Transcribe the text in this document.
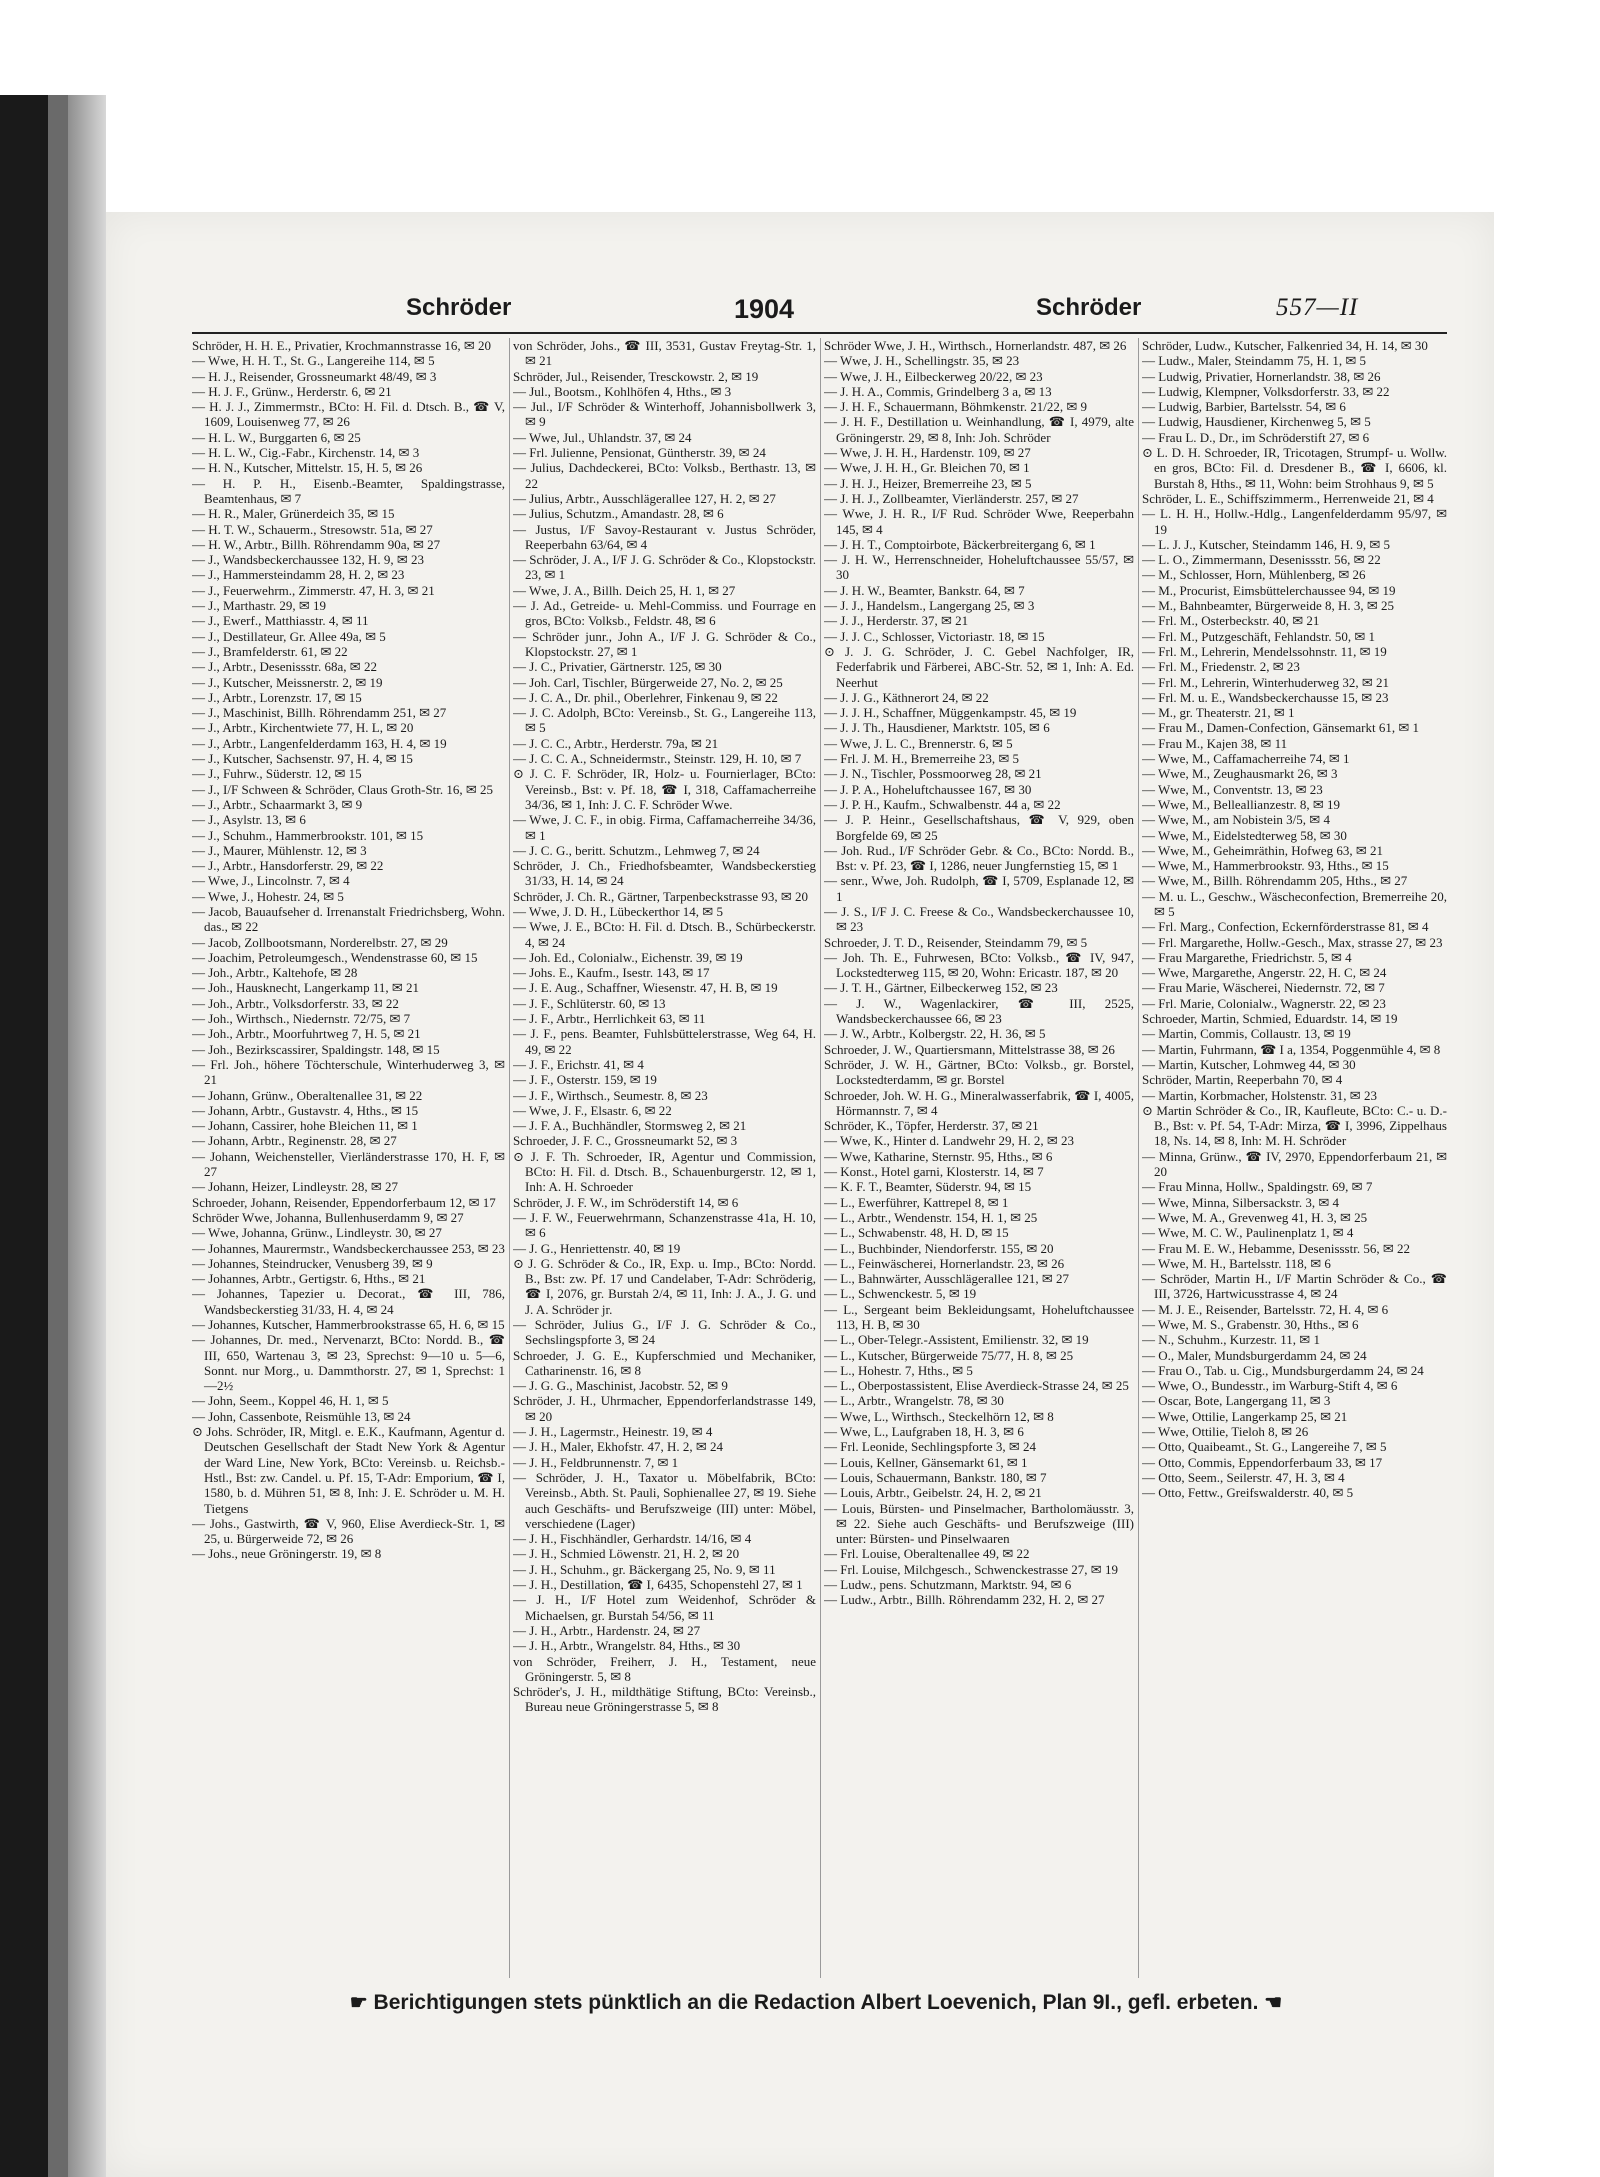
Schröder	1904	Schröder	557—II
Schröder, H. H. E., Privatier, Krochmannstrasse 16, ✉ 20
— Wwe, H. H. T., St. G., Langereihe 114, ✉ 5
— H. J., Reisender, Grossneumarkt 48/49, ✉ 3
— H. J. F., Grünw., Herderstr. 6, ✉ 21
— H. J. J., Zimmermstr., BCto: H. Fil. d. Dtsch. B., ☎ V, 1609, Louisenweg 77, ✉ 26
— H. L. W., Burggarten 6, ✉ 25
— H. L. W., Cig.-Fabr., Kirchenstr. 14, ✉ 3
— H. N., Kutscher, Mittelstr. 15, H. 5, ✉ 26
— H. P. H., Eisenb.-Beamter, Spaldingstrasse, Beamtenhaus, ✉ 7
— H. R., Maler, Grünerdeich 35, ✉ 15
— H. T. W., Schauerm., Stresowstr. 51a, ✉ 27
— H. W., Arbtr., Billh. Röhrendamm 90a, ✉ 27
— J., Wandsbeckerchaussee 132, H. 9, ✉ 23
— J., Hammersteindamm 28, H. 2, ✉ 23
— J., Feuerwehrm., Zimmerstr. 47, H. 3, ✉ 21
— J., Marthastr. 29, ✉ 19
— J., Ewerf., Matthiasstr. 4, ✉ 11
— J., Destillateur, Gr. Allee 49a, ✉ 5
— J., Bramfelderstr. 61, ✉ 22
— J., Arbtr., Desenissstr. 68a, ✉ 22
— J., Kutscher, Meissnerstr. 2, ✉ 19
— J., Arbtr., Lorenzstr. 17, ✉ 15
— J., Maschinist, Billh. Röhrendamm 251, ✉ 27
— J., Arbtr., Kirchentwiete 77, H. L, ✉ 20
— J., Arbtr., Langenfelderdamm 163, H. 4, ✉ 19
— J., Kutscher, Sachsenstr. 97, H. 4, ✉ 15
— J., Fuhrw., Süderstr. 12, ✉ 15
— J., I/F Schween & Schröder, Claus Groth-Str. 16, ✉ 25
— J., Arbtr., Schaarmarkt 3, ✉ 9
— J., Asylstr. 13, ✉ 6
— J., Schuhm., Hammerbrookstr. 101, ✉ 15
— J., Maurer, Mühlenstr. 12, ✉ 3
— J., Arbtr., Hansdorferstr. 29, ✉ 22
— Wwe, J., Lincolnstr. 7, ✉ 4
— Wwe, J., Hohestr. 24, ✉ 5
— Jacob, Bauaufseher d. Irrenanstalt Friedrichsberg, Wohn. das., ✉ 22
— Jacob, Zollbootsmann, Norderelbstr. 27, ✉ 29
— Joachim, Petroleumgesch., Wendenstrasse 60, ✉ 15
— Joh., Arbtr., Kaltehofe, ✉ 28
— Joh., Hausknecht, Langerkamp 11, ✉ 21
— Joh., Arbtr., Volksdorferstr. 33, ✉ 22
— Joh., Wirthsch., Niedernstr. 72/75, ✉ 7
— Joh., Arbtr., Moorfuhrtweg 7, H. 5, ✉ 21
— Joh., Bezirkscassirer, Spaldingstr. 148, ✉ 15
— Frl. Joh., höhere Töchterschule, Winterhuderweg 3, ✉ 21
— Johann, Grünw., Oberaltenallee 31, ✉ 22
— Johann, Arbtr., Gustavstr. 4, Hths., ✉ 15
— Johann, Cassirer, hohe Bleichen 11, ✉ 1
— Johann, Arbtr., Reginenstr. 28, ✉ 27
— Johann, Weichensteller, Vierländerstrasse 170, H. F, ✉ 27
— Johann, Heizer, Lindleystr. 28, ✉ 27
Schroeder, Johann, Reisender, Eppendorferbaum 12, ✉ 17
Schröder Wwe, Johanna, Bullenhuserdamm 9, ✉ 27
— Wwe, Johanna, Grünw., Lindleystr. 30, ✉ 27
— Johannes, Maurermstr., Wandsbeckerchaussee 253, ✉ 23
— Johannes, Steindrucker, Venusberg 39, ✉ 9
— Johannes, Arbtr., Gertigstr. 6, Hths., ✉ 21
— Johannes, Tapezier u. Decorat., ☎ III, 786, Wandsbeckerstieg 31/33, H. 4, ✉ 24
— Johannes, Kutscher, Hammerbrookstrasse 65, H. 6, ✉ 15
— Johannes, Dr. med., Nervenarzt, BCto: Nordd. B., ☎ III, 650, Wartenau 3, ✉ 23, Sprechst: 9—10 u. 5—6, Sonnt. nur Morg., u. Dammthorstr. 27, ✉ 1, Sprechst: 1—2½
— John, Seem., Koppel 46, H. 1, ✉ 5
— John, Cassenbote, Reismühle 13, ✉ 24
⊙ Johs. Schröder, IR, Mitgl. e. E.K., Kaufmann, Agentur d. Deutschen Gesellschaft der Stadt New York & Agentur der Ward Line, New York, BCto: Vereinsb. u. Reichsb.-Hstl., Bst: zw. Candel. u. Pf. 15, T-Adr: Emporium, ☎ I, 1580, b. d. Mühren 51, ✉ 8, Inh: J. E. Schröder u. M. H. Tietgens
— Johs., Gastwirth, ☎ V, 960, Elise Averdieck-Str. 1, ✉ 25, u. Bürgerweide 72, ✉ 26
— Johs., neue Gröningerstr. 19, ✉ 8
von Schröder, Johs., ☎ III, 3531, Gustav Freytag-Str. 1, ✉ 21
Schröder, Jul., Reisender, Tresckowstr. 2, ✉ 19
— Jul., Bootsm., Kohlhöfen 4, Hths., ✉ 3
— Jul., I/F Schröder & Winterhoff, Johannisbollwerk 3, ✉ 9
— Wwe, Jul., Uhlandstr. 37, ✉ 24
— Frl. Julienne, Pensionat, Güntherstr. 39, ✉ 24
— Julius, Dachdeckerei, BCto: Volksb., Berthastr. 13, ✉ 22
— Julius, Arbtr., Ausschlägerallee 127, H. 2, ✉ 27
— Julius, Schutzm., Amandastr. 28, ✉ 6
— Justus, I/F Savoy-Restaurant v. Justus Schröder, Reeperbahn 63/64, ✉ 4
— Schröder, J. A., I/F J. G. Schröder & Co., Klopstockstr. 23, ✉ 1
— Wwe, J. A., Billh. Deich 25, H. 1, ✉ 27
— J. Ad., Getreide- u. Mehl-Commiss. und Fourrage en gros, BCto: Volksb., Feldstr. 48, ✉ 6
— Schröder junr., John A., I/F J. G. Schröder & Co., Klopstockstr. 27, ✉ 1
— J. C., Privatier, Gärtnerstr. 125, ✉ 30
— Joh. Carl, Tischler, Bürgerweide 27, No. 2, ✉ 25
— J. C. A., Dr. phil., Oberlehrer, Finkenau 9, ✉ 22
— J. C. Adolph, BCto: Vereinsb., St. G., Langereihe 113, ✉ 5
— J. C. C., Arbtr., Herderstr. 79a, ✉ 21
— J. C. C. A., Schneidermstr., Steinstr. 129, H. 10, ✉ 7
⊙ J. C. F. Schröder, IR, Holz- u. Fournierlager, BCto: Vereinsb., Bst: v. Pf. 18, ☎ I, 318, Caffamacherreihe 34/36, ✉ 1, Inh: J. C. F. Schröder Wwe.
— Wwe, J. C. F., in obig. Firma, Caffamacherreihe 34/36, ✉ 1
— J. C. G., beritt. Schutzm., Lehmweg 7, ✉ 24
Schröder, J. Ch., Friedhofsbeamter, Wandsbeckerstieg 31/33, H. 14, ✉ 24
Schröder, J. Ch. R., Gärtner, Tarpenbeckstrasse 93, ✉ 20
— Wwe, J. D. H., Lübeckerthor 14, ✉ 5
— Wwe, J. E., BCto: H. Fil. d. Dtsch. B., Schürbeckerstr. 4, ✉ 24
— Joh. Ed., Colonialw., Eichenstr. 39, ✉ 19
— Johs. E., Kaufm., Isestr. 143, ✉ 17
— J. E. Aug., Schaffner, Wiesenstr. 47, H. B, ✉ 19
— J. F., Schlüterstr. 60, ✉ 13
— J. F., Arbtr., Herrlichkeit 63, ✉ 11
— J. F., pens. Beamter, Fuhlsbüttelerstrasse, Weg 64, H. 49, ✉ 22
— J. F., Erichstr. 41, ✉ 4
— J. F., Osterstr. 159, ✉ 19
— J. F., Wirthsch., Seumestr. 8, ✉ 23
— Wwe, J. F., Elsastr. 6, ✉ 22
— J. F. A., Buchhändler, Stormsweg 2, ✉ 21
Schroeder, J. F. C., Grossneumarkt 52, ✉ 3
⊙ J. F. Th. Schroeder, IR, Agentur und Commission, BCto: H. Fil. d. Dtsch. B., Schauenburgerstr. 12, ✉ 1, Inh: A. H. Schroeder
Schröder, J. F. W., im Schröderstift 14, ✉ 6
— J. F. W., Feuerwehrmann, Schanzenstrasse 41a, H. 10, ✉ 6
— J. G., Henriettenstr. 40, ✉ 19
⊙ J. G. Schröder & Co., IR, Exp. u. Imp., BCto: Nordd. B., Bst: zw. Pf. 17 und Candelaber, T-Adr: Schröderig, ☎ I, 2076, gr. Burstah 2/4, ✉ 11, Inh: J. A., J. G. und J. A. Schröder jr.
— Schröder, Julius G., I/F J. G. Schröder & Co., Sechslingspforte 3, ✉ 24
Schroeder, J. G. E., Kupferschmied und Mechaniker, Catharinenstr. 16, ✉ 8
— J. G. G., Maschinist, Jacobstr. 52, ✉ 9
Schröder, J. H., Uhrmacher, Eppendorferlandstrasse 149, ✉ 20
— J. H., Lagermstr., Heinestr. 19, ✉ 4
— J. H., Maler, Ekhofstr. 47, H. 2, ✉ 24
— J. H., Feldbrunnenstr. 7, ✉ 1
— Schröder, J. H., Taxator u. Möbelfabrik, BCto: Vereinsb., Abth. St. Pauli, Sophienallee 27, ✉ 19. Siehe auch Geschäfts- und Berufszweige (III) unter: Möbel, verschiedene (Lager)
— J. H., Fischhändler, Gerhardstr. 14/16, ✉ 4
— J. H., Schmied Löwenstr. 21, H. 2, ✉ 20
— J. H., Schuhm., gr. Bäckergang 25, No. 9, ✉ 11
— J. H., Destillation, ☎ I, 6435, Schopenstehl 27, ✉ 1
— J. H., I/F Hotel zum Weidenhof, Schröder & Michaelsen, gr. Burstah 54/56, ✉ 11
— J. H., Arbtr., Hardenstr. 24, ✉ 27
— J. H., Arbtr., Wrangelstr. 84, Hths., ✉ 30
von Schröder, Freiherr, J. H., Testament, neue Gröningerstr. 5, ✉ 8
Schröder's, J. H., mildthätige Stiftung, BCto: Vereinsb., Bureau neue Gröningerstrasse 5, ✉ 8
Schröder Wwe, J. H., Wirthsch., Hornerlandstr. 487, ✉ 26
— Wwe, J. H., Schellingstr. 35, ✉ 23
— Wwe, J. H., Eilbeckerweg 20/22, ✉ 23
— J. H. A., Commis, Grindelberg 3 a, ✉ 13
— J. H. F., Schauermann, Böhmkenstr. 21/22, ✉ 9
— J. H. F., Destillation u. Weinhandlung, ☎ I, 4979, alte Gröningerstr. 29, ✉ 8, Inh: Joh. Schröder
— Wwe, J. H. H., Hardenstr. 109, ✉ 27
— Wwe, J. H. H., Gr. Bleichen 70, ✉ 1
— J. H. J., Heizer, Bremerreihe 23, ✉ 5
— J. H. J., Zollbeamter, Vierländerstr. 257, ✉ 27
— Wwe, J. H. R., I/F Rud. Schröder Wwe, Reeperbahn 145, ✉ 4
— J. H. T., Comptoirbote, Bäckerbreitergang 6, ✉ 1
— J. H. W., Herrenschneider, Hoheluftchaussee 55/57, ✉ 30
— J. H. W., Beamter, Bankstr. 64, ✉ 7
— J. J., Handelsm., Langergang 25, ✉ 3
— J. J., Herderstr. 37, ✉ 21
— J. J. C., Schlosser, Victoriastr. 18, ✉ 15
⊙ J. J. G. Schröder, J. C. Gebel Nachfolger, IR, Federfabrik und Färberei, ABC-Str. 52, ✉ 1, Inh: A. Ed. Neerhut
— J. J. G., Käthnerort 24, ✉ 22
— J. J. H., Schaffner, Müggenkampstr. 45, ✉ 19
— J. J. Th., Hausdiener, Marktstr. 105, ✉ 6
— Wwe, J. L. C., Brennerstr. 6, ✉ 5
— Frl. J. M. H., Bremerreihe 23, ✉ 5
— J. N., Tischler, Possmoorweg 28, ✉ 21
— J. P. A., Hoheluftchaussee 167, ✉ 30
— J. P. H., Kaufm., Schwalbenstr. 44 a, ✉ 22
— J. P. Heinr., Gesellschaftshaus, ☎ V, 929, oben Borgfelde 69, ✉ 25
— Joh. Rud., I/F Schröder Gebr. & Co., BCto: Nordd. B., Bst: v. Pf. 23, ☎ I, 1286, neuer Jungfernstieg 15, ✉ 1
— senr., Wwe, Joh. Rudolph, ☎ I, 5709, Esplanade 12, ✉ 1
— J. S., I/F J. C. Freese & Co., Wandsbeckerchaussee 10, ✉ 23
Schroeder, J. T. D., Reisender, Steindamm 79, ✉ 5
— Joh. Th. E., Fuhrwesen, BCto: Volksb., ☎ IV, 947, Lockstedterweg 115, ✉ 20, Wohn: Ericastr. 187, ✉ 20
— J. T. H., Gärtner, Eilbeckerweg 152, ✉ 23
— J. W., Wagenlackirer, ☎ III, 2525, Wandsbeckerchaussee 66, ✉ 23
— J. W., Arbtr., Kolbergstr. 22, H. 36, ✉ 5
Schroeder, J. W., Quartiersmann, Mittelstrasse 38, ✉ 26
Schröder, J. W. H., Gärtner, BCto: Volksb., gr. Borstel, Lockstedterdamm, ✉ gr. Borstel
Schroeder, Joh. W. H. G., Mineralwasserfabrik, ☎ I, 4005, Hörmannstr. 7, ✉ 4
Schröder, K., Töpfer, Herderstr. 37, ✉ 21
— Wwe, K., Hinter d. Landwehr 29, H. 2, ✉ 23
— Wwe, Katharine, Sternstr. 95, Hths., ✉ 6
— Konst., Hotel garni, Klosterstr. 14, ✉ 7
— K. F. T., Beamter, Süderstr. 94, ✉ 15
— L., Ewerführer, Kattrepel 8, ✉ 1
— L., Arbtr., Wendenstr. 154, H. 1, ✉ 25
— L., Schwabenstr. 48, H. D, ✉ 15
— L., Buchbinder, Niendorferstr. 155, ✉ 20
— L., Feinwäscherei, Hornerlandstr. 23, ✉ 26
— L., Bahnwärter, Ausschlägerallee 121, ✉ 27
— L., Schwenckestr. 5, ✉ 19
— L., Sergeant beim Bekleidungsamt, Hoheluftchaussee 113, H. B, ✉ 30
— L., Ober-Telegr.-Assistent, Emilienstr. 32, ✉ 19
— L., Kutscher, Bürgerweide 75/77, H. 8, ✉ 25
— L., Hohestr. 7, Hths., ✉ 5
— L., Oberpostassistent, Elise Averdieck-Strasse 24, ✉ 25
— L., Arbtr., Wrangelstr. 78, ✉ 30
— Wwe, L., Wirthsch., Steckelhörn 12, ✉ 8
— Wwe, L., Laufgraben 18, H. 3, ✉ 6
— Frl. Leonide, Sechlingspforte 3, ✉ 24
— Louis, Kellner, Gänsemarkt 61, ✉ 1
— Louis, Schauermann, Bankstr. 180, ✉ 7
— Louis, Arbtr., Geibelstr. 24, H. 2, ✉ 21
— Louis, Bürsten- und Pinselmacher, Bartholomäusstr. 3, ✉ 22. Siehe auch Geschäfts- und Berufszweige (III) unter: Bürsten- und Pinselwaaren
— Frl. Louise, Oberaltenallee 49, ✉ 22
— Frl. Louise, Milchgesch., Schwenckestrasse 27, ✉ 19
— Ludw., pens. Schutzmann, Marktstr. 94, ✉ 6
— Ludw., Arbtr., Billh. Röhrendamm 232, H. 2, ✉ 27
Schröder, Ludw., Kutscher, Falkenried 34, H. 14, ✉ 30
— Ludw., Maler, Steindamm 75, H. 1, ✉ 5
— Ludwig, Privatier, Hornerlandstr. 38, ✉ 26
— Ludwig, Klempner, Volksdorferstr. 33, ✉ 22
— Ludwig, Barbier, Bartelsstr. 54, ✉ 6
— Ludwig, Hausdiener, Kirchenweg 5, ✉ 5
— Frau L. D., Dr., im Schröderstift 27, ✉ 6
⊙ L. D. H. Schroeder, IR, Tricotagen, Strumpf- u. Wollw. en gros, BCto: Fil. d. Dresdener B., ☎ I, 6606, kl. Burstah 8, Hths., ✉ 11, Wohn: beim Strohhaus 9, ✉ 5
Schröder, L. E., Schiffszimmerm., Herrenweide 21, ✉ 4
— L. H. H., Hollw.-Hdlg., Langenfelderdamm 95/97, ✉ 19
— L. J. J., Kutscher, Steindamm 146, H. 9, ✉ 5
— L. O., Zimmermann, Desenissstr. 56, ✉ 22
— M., Schlosser, Horn, Mühlenberg, ✉ 26
— M., Procurist, Eimsbüttelerchaussee 94, ✉ 19
— M., Bahnbeamter, Bürgerweide 8, H. 3, ✉ 25
— Frl. M., Osterbeckstr. 40, ✉ 21
— Frl. M., Putzgeschäft, Fehlandstr. 50, ✉ 1
— Frl. M., Lehrerin, Mendelssohnstr. 11, ✉ 19
— Frl. M., Friedenstr. 2, ✉ 23
— Frl. M., Lehrerin, Winterhuderweg 32, ✉ 21
— Frl. M. u. E., Wandsbeckerchausse 15, ✉ 23
— M., gr. Theaterstr. 21, ✉ 1
— Frau M., Damen-Confection, Gänsemarkt 61, ✉ 1
— Frau M., Kajen 38, ✉ 11
— Wwe, M., Caffamacherreihe 74, ✉ 1
— Wwe, M., Zeughausmarkt 26, ✉ 3
— Wwe, M., Conventstr. 13, ✉ 23
— Wwe, M., Belleallianzestr. 8, ✉ 19
— Wwe, M., am Nobistein 3/5, ✉ 4
— Wwe, M., Eidelstedterweg 58, ✉ 30
— Wwe, M., Geheimräthin, Hofweg 63, ✉ 21
— Wwe, M., Hammerbrookstr. 93, Hths., ✉ 15
— Wwe, M., Billh. Röhrendamm 205, Hths., ✉ 27
— M. u. L., Geschw., Wäscheconfection, Bremerreihe 20, ✉ 5
— Frl. Marg., Confection, Eckernförderstrasse 81, ✉ 4
— Frl. Margarethe, Hollw.-Gesch., Max, strasse 27, ✉ 23
— Frau Margarethe, Friedrichstr. 5, ✉ 4
— Wwe, Margarethe, Angerstr. 22, H. C, ✉ 24
— Frau Marie, Wäscherei, Niedernstr. 72, ✉ 7
— Frl. Marie, Colonialw., Wagnerstr. 22, ✉ 23
Schroeder, Martin, Schmied, Eduardstr. 14, ✉ 19
— Martin, Commis, Collaustr. 13, ✉ 19
— Martin, Fuhrmann, ☎ I a, 1354, Poggenmühle 4, ✉ 8
— Martin, Kutscher, Lohmweg 44, ✉ 30
Schröder, Martin, Reeperbahn 70, ✉ 4
— Martin, Korbmacher, Holstenstr. 31, ✉ 23
⊙ Martin Schröder & Co., IR, Kaufleute, BCto: C.- u. D.-B., Bst: v. Pf. 54, T-Adr: Mirza, ☎ I, 3996, Zippelhaus 18, Ns. 14, ✉ 8, Inh: M. H. Schröder
— Minna, Grünw., ☎ IV, 2970, Eppendorferbaum 21, ✉ 20
— Frau Minna, Hollw., Spaldingstr. 69, ✉ 7
— Wwe, Minna, Silbersackstr. 3, ✉ 4
— Wwe, M. A., Grevenweg 41, H. 3, ✉ 25
— Wwe, M. C. W., Paulinenplatz 1, ✉ 4
— Frau M. E. W., Hebamme, Desenissstr. 56, ✉ 22
— Wwe, M. H., Bartelsstr. 118, ✉ 6
— Schröder, Martin H., I/F Martin Schröder & Co., ☎ III, 3726, Hartwicusstrasse 4, ✉ 24
— M. J. E., Reisender, Bartelsstr. 72, H. 4, ✉ 6
— Wwe, M. S., Grabenstr. 30, Hths., ✉ 6
— N., Schuhm., Kurzestr. 11, ✉ 1
— O., Maler, Mundsburgerdamm 24, ✉ 24
— Frau O., Tab. u. Cig., Mundsburgerdamm 24, ✉ 24
— Wwe, O., Bundesstr., im Warburg-Stift 4, ✉ 6
— Oscar, Bote, Langergang 11, ✉ 3
— Wwe, Ottilie, Langerkamp 25, ✉ 21
— Wwe, Ottilie, Tieloh 8, ✉ 26
— Otto, Quaibeamt., St. G., Langereihe 7, ✉ 5
— Otto, Commis, Eppendorferbaum 33, ✉ 17
— Otto, Seem., Seilerstr. 47, H. 3, ✉ 4
— Otto, Fettw., Greifswalderstr. 40, ✉ 5
☛ Berichtigungen stets pünktlich an die Redaction Albert Loevenich, Plan 9I., gefl. erbeten. ☚
